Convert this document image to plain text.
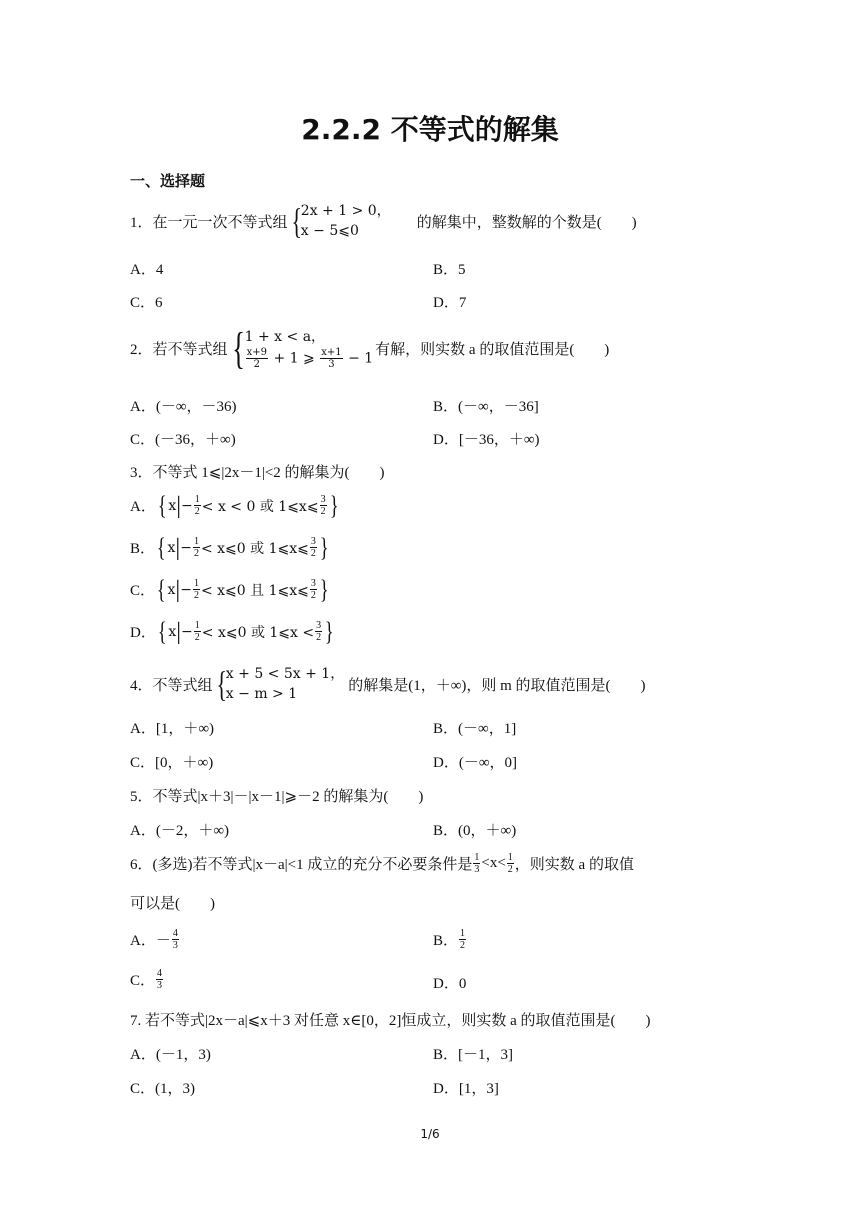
2.2.2 不等式的解集
一、选择题
1．在一元一次不等式组 { 2x + 1 > 0，
x − 5⩽0
的解集中，整数解的个数是(　　)
A．4	B．5
C．6	D．7
2．若不等式组 { 1 + x < a，
$\frac{x+9}{2} + 1$ ⩾ $\frac{x+1}{3} - 1$
有解，则实数 a 的取值范围是(　　)
A．(－∞，－36)	B．(－∞，－36]
C．(－36，＋∞)	D．[－36，＋∞)
3．不等式 1⩽|2x－1|<2 的解集为(　　)
A． { x | − $\frac{1}{2} < x < 0$ 或 1⩽x⩽ $\frac{3}{2}$ }
B． { x | − $\frac{1}{2}$ < x⩽0 或 1⩽x⩽ $\frac{3}{2}$ }
C． { x | − $\frac{1}{2}$ < x⩽0 且 1⩽x⩽ $\frac{3}{2}$ }
D． { x | − $\frac{1}{2}$ < x⩽0 或 1⩽x < $\frac{3}{2}$ }
4．不等式组 { x + 5 < 5x + 1，
x − m > 1
的解集是(1，＋∞)，则 m 的取值范围是(　　)
A．[1，＋∞)	B．(－∞，1]
C．[0，＋∞)	D．(－∞，0]
5．不等式|x＋3|－|x－1|⩾－2 的解集为(　　)
A．(－2，＋∞)	B．(0，＋∞)
6．(多选)若不等式|x－a|<1 成立的充分不必要条件是 $\frac{1}{3} <x< \frac{1}{2}$ ，则实数 a 的取值
可以是(　　)
A．－ $\frac{4}{3}$	B． $\frac{1}{2}$
C． $\frac{4}{3}$	D．0
7. 若不等式|2x－a|⩽x＋3 对任意 x∈[0，2]恒成立，则实数 a 的取值范围是(　　)
A．(－1，3)	B．[－1，3]
C．(1，3)	D．[1，3]
1/6
